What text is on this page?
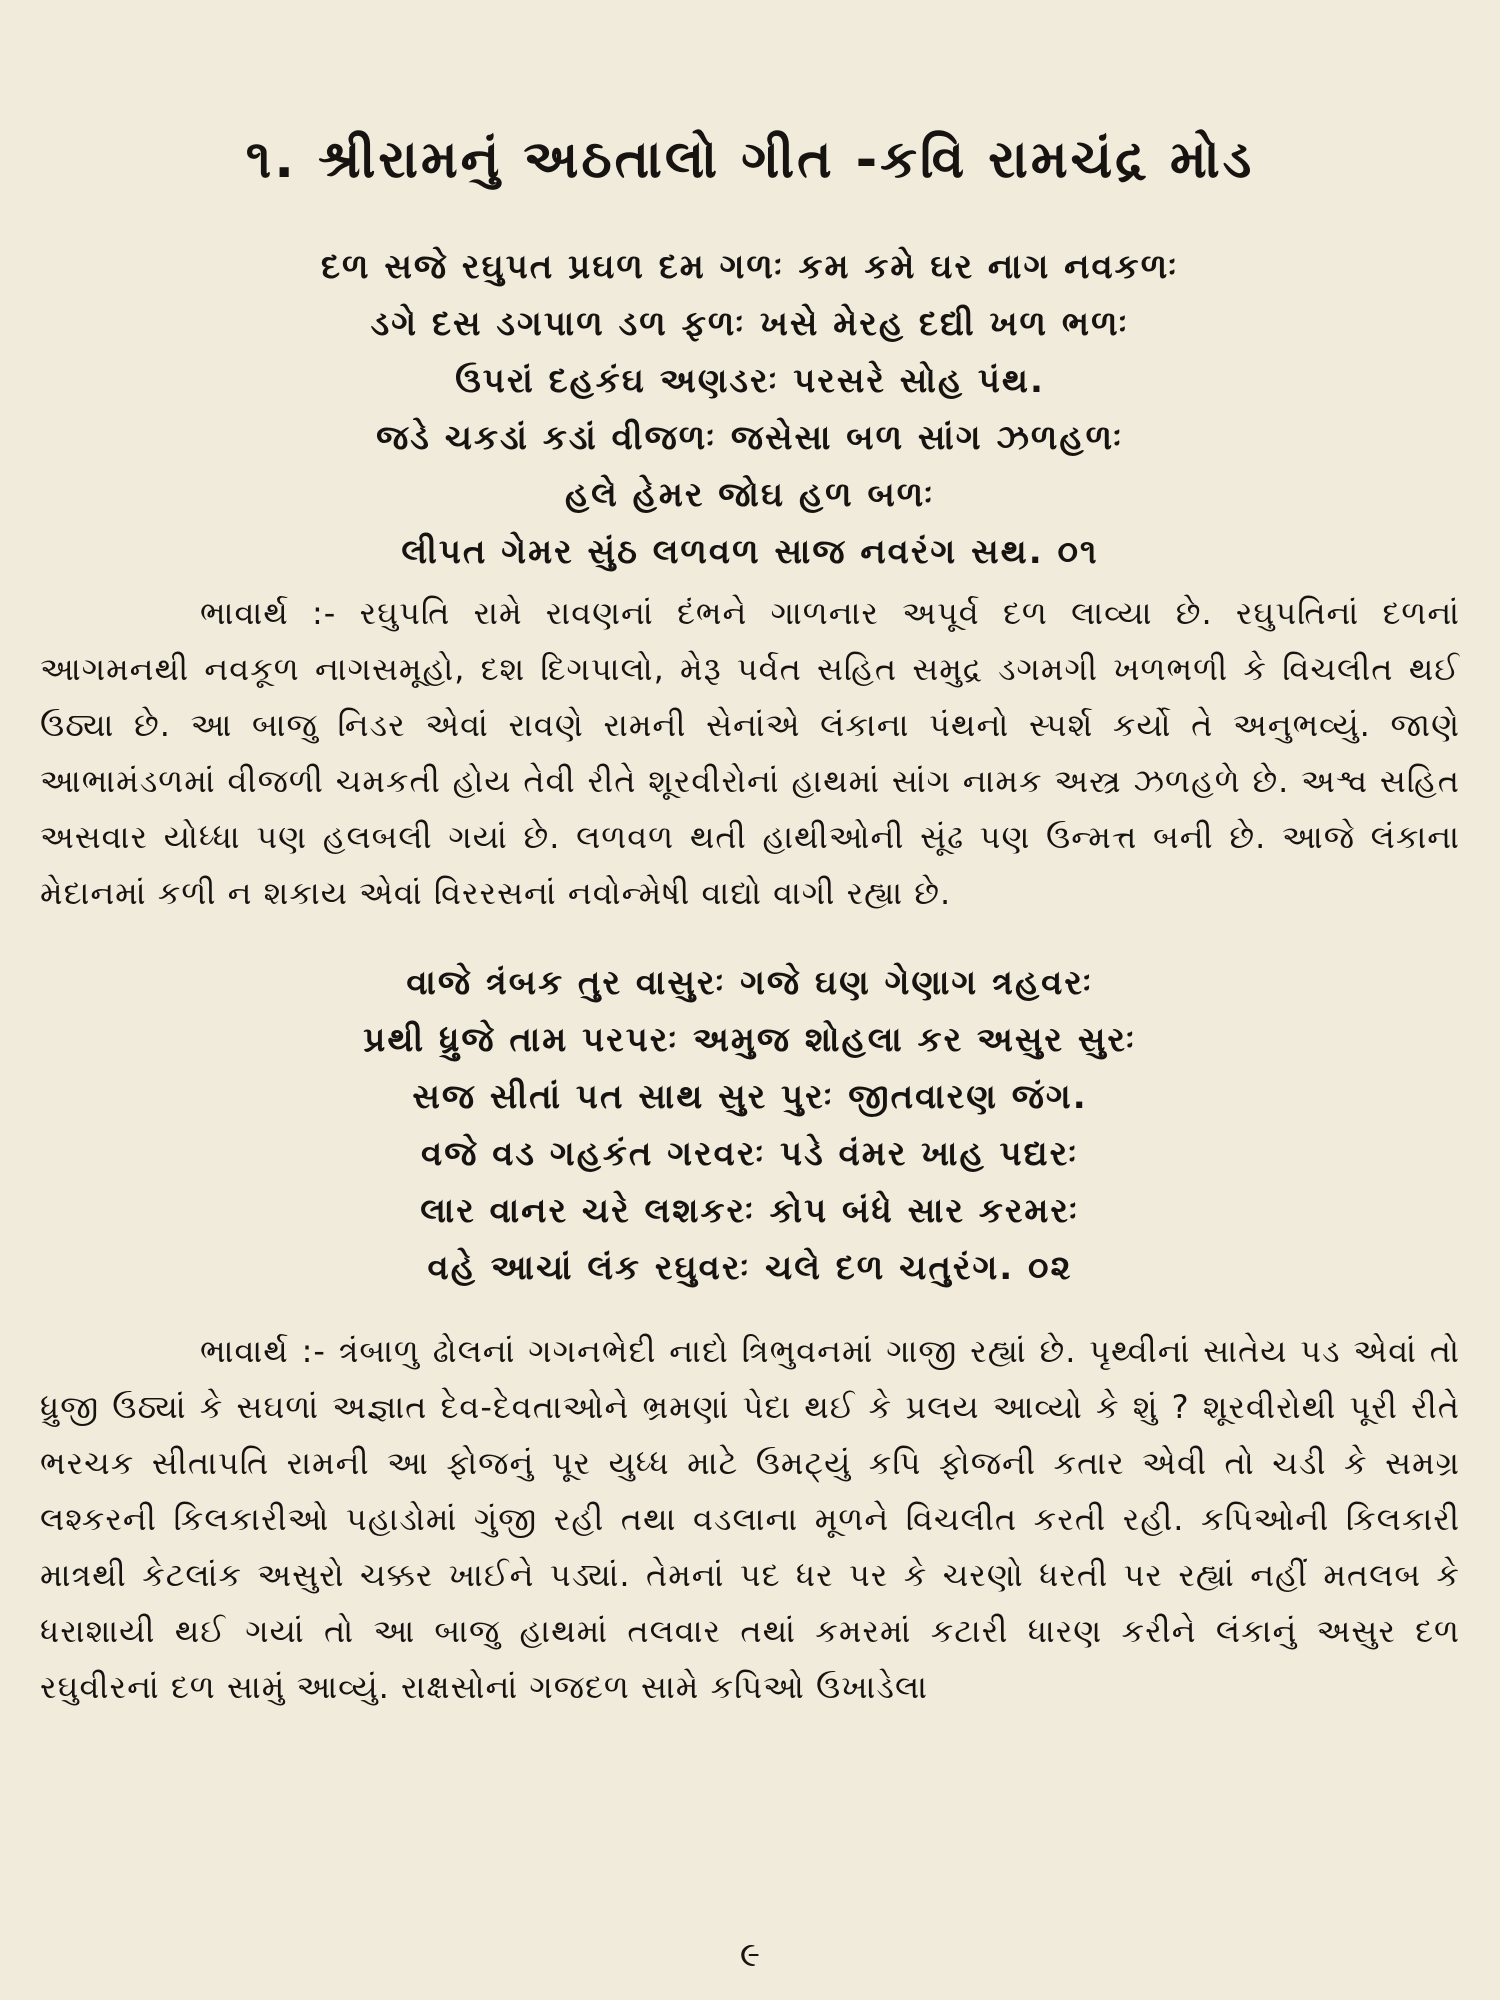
૧. શ્રીરામનું અઠતાલો ગીત -કવિ રામચંદ્ર મોડ
દળ સજે રઘુપત પ્રઘળ દમ ગળઃ કમ કમે ઘર નાગ નવકળઃ
ડગે દસ ડગપાળ ડળ ફળઃ ખસે મેરહ દદ્યી ખળ ભળઃ
ઉપરાં દહકંઘ અણડરઃ પરસરે સોહ પંથ.
જડે ચકડાં કડાં વીજળઃ જસેસા બળ સાંગ ઝળહળઃ
હલે હેમર જોઘ હળ બળઃ
લીપત ગેમર સુંઠ લળવળ સાજ નવરંગ સથ. ૦૧

ભાવાર્થ :- રઘુપતિ રામે રાવણનાં દંભને ગાળનાર અપૂર્વ દળ લાવ્યા છે. રઘુપતિનાં દળનાં આગમનથી નવકૂળ નાગસમૂહો, દશ દિગપાલો, મેરૂ પર્વત સહિત સમુદ્ર ડગમગી ખળભળી કે વિચલીત થઈ ઉઠ્યા છે. આ બાજુ નિડર એવાં રાવણે રામની સેનાંએ લંકાના પંથનો સ્પર્શ કર્યો તે અનુભવ્યું. જાણે આભામંડળમાં વીજળી ચમકતી હોય તેવી રીતે શૂરવીરોનાં હાથમાં સાંગ નામક અસ્ત્ર ઝળહળે છે. અશ્વ સહિત અસવાર યોધ્ધા પણ હલબલી ગયાં છે. લળવળ થતી હાથીઓની સૂંઢ પણ ઉન્મત્ત બની છે. આજે લંકાના મેદાનમાં કળી ન શકાય એવાં વિરરસનાં નવોન્મેષી વાદ્યો વાગી રહ્યા છે.

વાજે ત્રંબક તુર વાસુરઃ ગજે ઘણ ગેણાગ ત્રહવરઃ
પ્રથી ધ્રુજે તામ પરપરઃ અમુજ શોહલા કર અસુર સુરઃ
સજ સીતાં પત સાથ સુર પુરઃ જીતવારણ જંગ.
વજે વડ ગહકંત ગરવરઃ પડે વંમર ખાહ પદ્યરઃ
લાર વાનર ચરે લશકરઃ કોપ બંધે સાર કરમરઃ
વહે આચાં લંક રઘુવરઃ ચલે દળ ચતુરંગ. ૦૨

ભાવાર્થ :- ત્રંબાળુ ઢોલનાં ગગનભેદી નાદો ત્રિભુવનમાં ગાજી રહ્યાં છે. પૃથ્વીનાં સાતેય પડ એવાં તો ધ્રુજી ઉઠ્યાં કે સઘળાં અજ્ઞાત દેવ-દેવતાઓને ભ્રમણાં પેદા થઈ કે પ્રલય આવ્યો કે શું ? શૂરવીરોથી પૂરી રીતે ભરચક સીતાપતિ રામની આ ફોજનું પૂર યુધ્ધ માટે ઉમટ્યું કપિ ફોજની કતાર એવી તો ચડી કે સમગ્ર લશ્કરની કિલકારીઓ પહાડોમાં ગુંજી રહી તથા વડલાના મૂળને વિચલીત કરતી રહી. કપિઓની કિલકારી માત્રથી કેટલાંક અસુરો ચક્કર ખાઈને પડ્યાં. તેમનાં પદ ધર પર કે ચરણો ધરતી પર રહ્યાં નહીં મતલબ કે ધરાશાયી થઈ ગયાં તો આ બાજુ હાથમાં તલવાર તથાં કમરમાં કટારી ધારણ કરીને લંકાનું અસુર દળ રઘુવીરનાં દળ સામું આવ્યું. રાક્ષસોનાં ગજદળ સામે કપિઓ ઉખાડેલા

૯
